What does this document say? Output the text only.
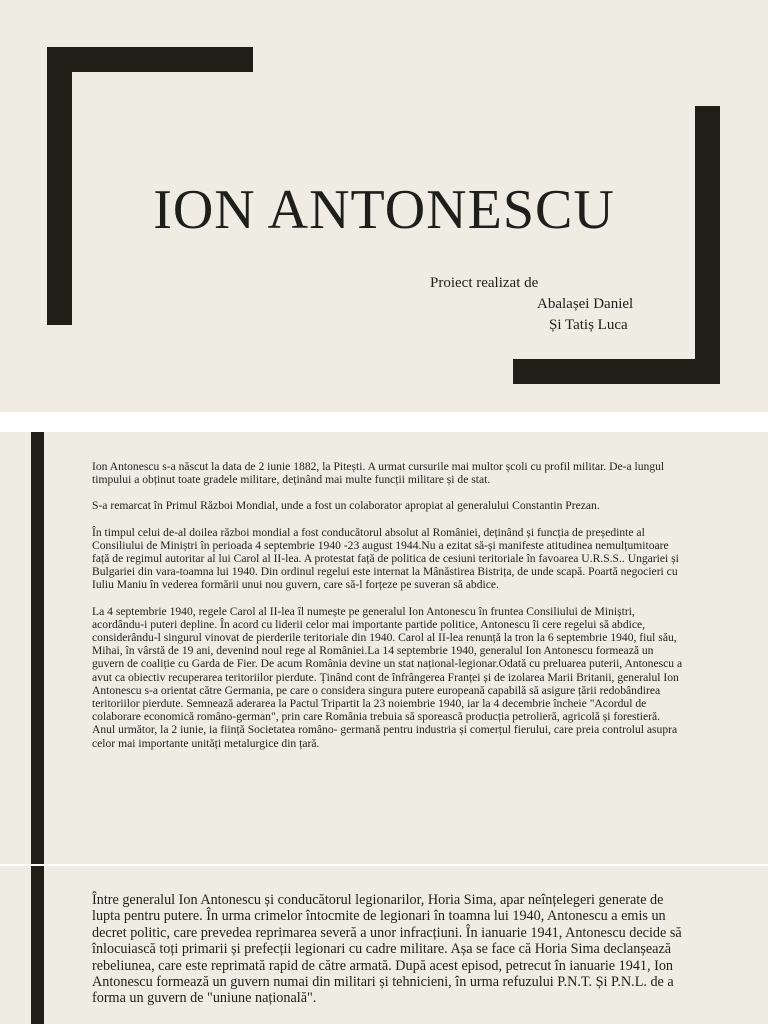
ION ANTONESCU
Proiect realizat de
Abalașei Daniel
Și Tatiș Luca

Ion Antonescu s-a născut la data de 2 iunie 1882, la Pitești. A urmat cursurile mai multor școli cu profil militar. De-a lungul timpului a obținut toate gradele militare, deținând mai multe funcții militare și de stat.

S-a remarcat în Primul Război Mondial, unde a fost un colaborator apropiat al generalului Constantin Prezan.

În timpul celui de-al doilea război mondial a fost conducătorul absolut al României, deținând și funcția de președinte al Consiliului de Miniștri în perioada 4 septembrie 1940 -23 august 1944.Nu a ezitat să-și manifeste atitudinea nemulțumitoare față de regimul autoritar al lui Carol al II-lea. A protestat față de politica de cesiuni teritoriale în favoarea U.R.S.S.. Ungariei și Bulgariei din vara-toamna lui 1940. Din ordinul regelui este internat la Mânăstirea Bistrița, de unde scapă. Poartă negocieri cu Iuliu Maniu în vederea formării unui nou guvern, care să-l forțeze pe suveran să abdice.

La 4 septembrie 1940, regele Carol al II-lea îl numește pe generalul Ion Antonescu în fruntea Consiliului de Miniștri, acordându-i puteri depline. În acord cu liderii celor mai importante partide politice, Antonescu îi cere regelui să abdice, considerându-l singurul vinovat de pierderile teritoriale din 1940. Carol al II-lea renunță la tron la 6 septembrie 1940, fiul său, Mihai, în vârstă de 19 ani, devenind noul rege al României.La 14 septembrie 1940, generalul Ion Antonescu formează un guvern de coaliție cu Garda de Fier. De acum România devine un stat național-legionar.Odată cu preluarea puterii, Antonescu a avut ca obiectiv recuperarea teritoriilor pierdute. Ținând cont de înfrângerea Franței și de izolarea Marii Britanii, generalul Ion Antonescu s-a orientat către Germania, pe care o considera singura putere europeană capabilă să asigure țării redobândirea teritoriilor pierdute. Semnează aderarea la Pactul Tripartit la 23 noiembrie 1940, iar la 4 decembrie încheie "Acordul de colaborare economică româno-german", prin care România trebuia să sporească producția petrolieră, agricolă și forestieră. Anul următor, la 2 iunie, ia ființă Societatea româno- germană pentru industria și comerțul fierului, care preia controlul asupra celor mai importante unități metalurgice din țară.

Între generalul Ion Antonescu și conducătorul legionarilor, Horia Sima, apar neînțelegeri generate de lupta pentru putere. În urma crimelor întocmite de legionari în toamna lui 1940, Antonescu a emis un decret politic, care prevedea reprimarea severă a unor infracțiuni. În ianuarie 1941, Antonescu decide să înlocuiască toți primarii și prefecții legionari cu cadre militare. Așa se face că Horia Sima declanșează rebeliunea, care este reprimată rapid de către armată. După acest episod, petrecut în ianuarie 1941, Ion Antonescu formează un guvern numai din militari și tehnicieni, în urma refuzului P.N.T. Și P.N.L. de a forma un guvern de "uniune națională".
